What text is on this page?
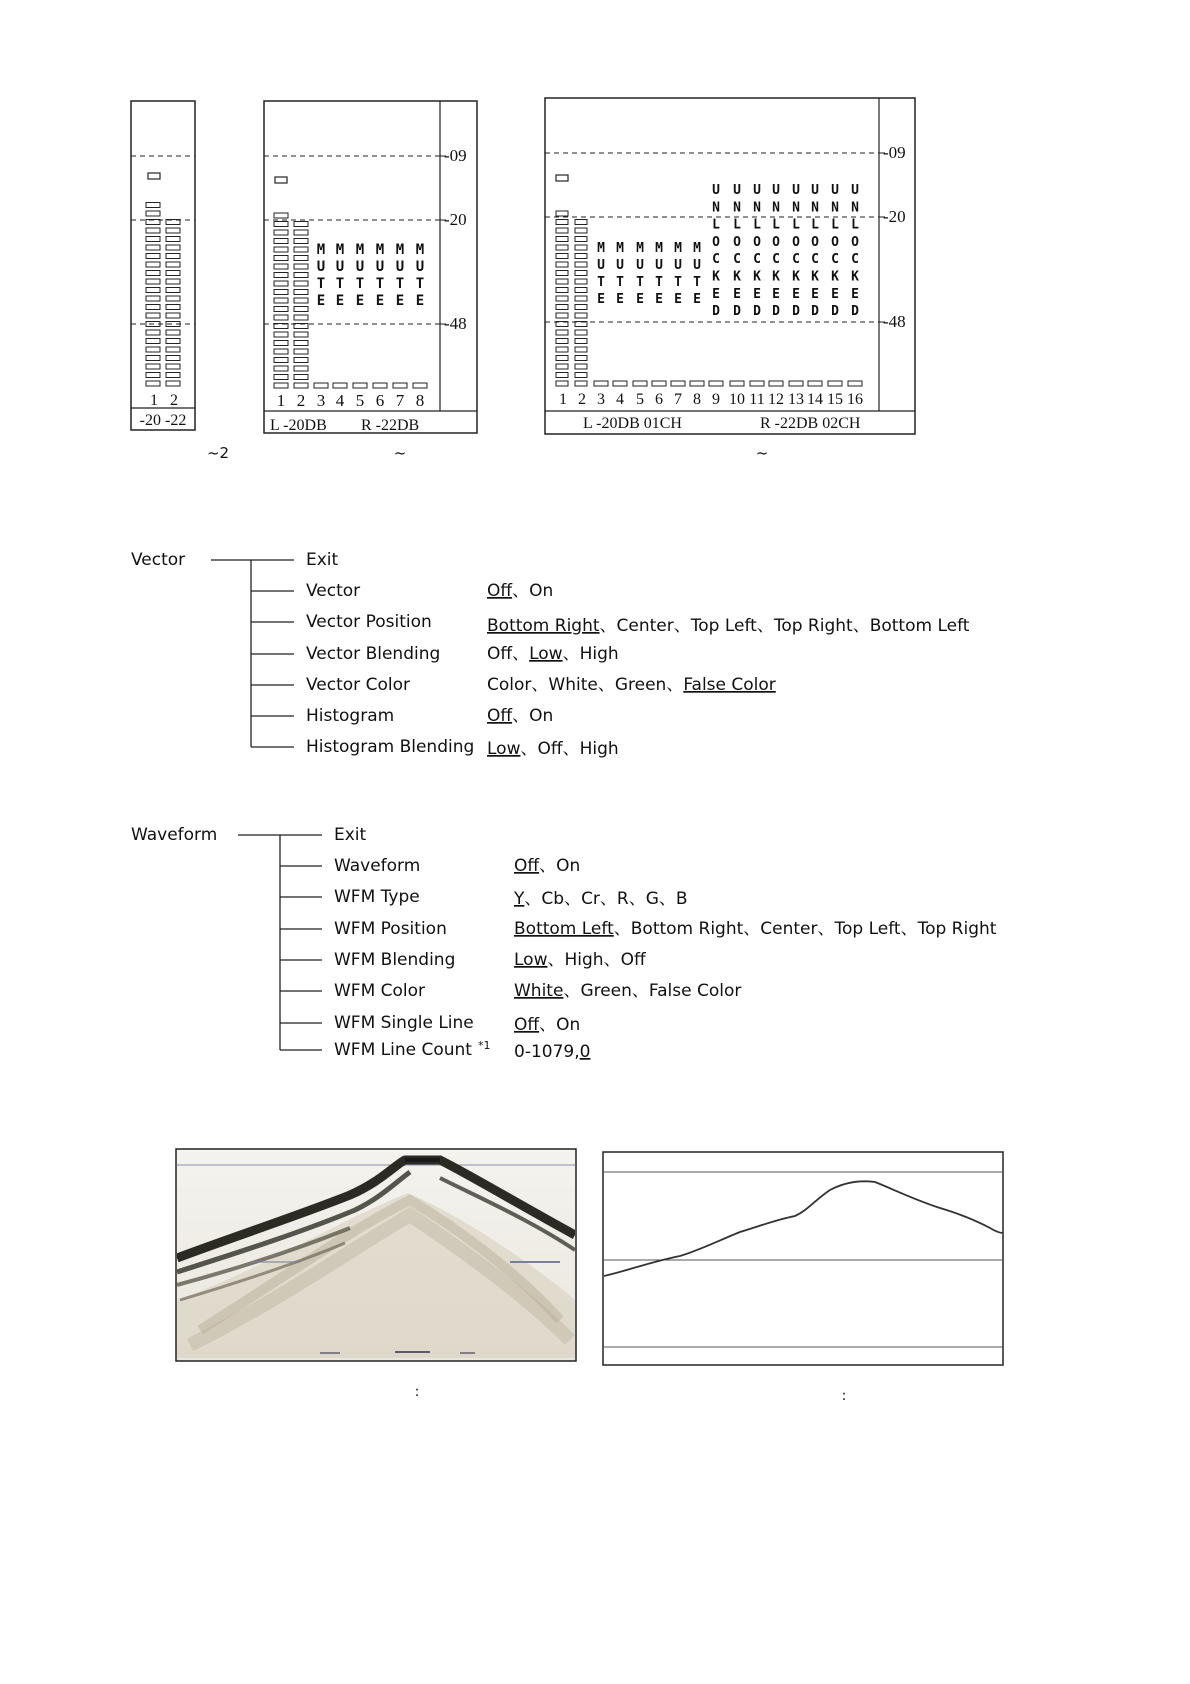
1 2
-20 -22
~2
-09
-20
-48
1 2 3 4 5 6 7 8
M
U
T
E
M
U
T
E
M
U
T
E
M
U
T
E
M
U
T
E
M
U
T
E
L -20DB R -22DB
~
-09
-20
-48
1 2 3 4 5 6 7 8 9 10 11 12 13 14 15 16
M
U
T
E
M
U
T
E
M
U
T
E
M
U
T
E
M
U
T
E
M
U
T
E
U
N
L
O
C
K
E
D
U
N
L
O
C
K
E
D
U
N
L
O
C
K
E
D
U
N
L
O
C
K
E
D
U
N
L
O
C
K
E
D
U
N
L
O
C
K
E
D
U
N
L
O
C
K
E
D
U
N
L
O
C
K
E
D
L -20DB 01CH	R -22DB 02CH
~
Vector	Exit
Vector	Off、On
Vector Position	Bottom Right、Center、Top Left、Top Right、Bottom Left
Vector Blending	Off、Low、High
Vector Color	Color、White、Green、False Color
Histogram	Off、On
Histogram Blending Low、Off、High
Waveform	Exit
Waveform	Off、On
WFM Type	Y、Cb、Cr、R、G、B
WFM Position	Bottom Left、Bottom Right、Center、Top Left、Top Right
WFM Blending	Low、High、Off
WFM Color	White、Green、False Color
WFM Single Line Off、On
WFM Line Count $^{*1}$ 0-1079,0
:	:
